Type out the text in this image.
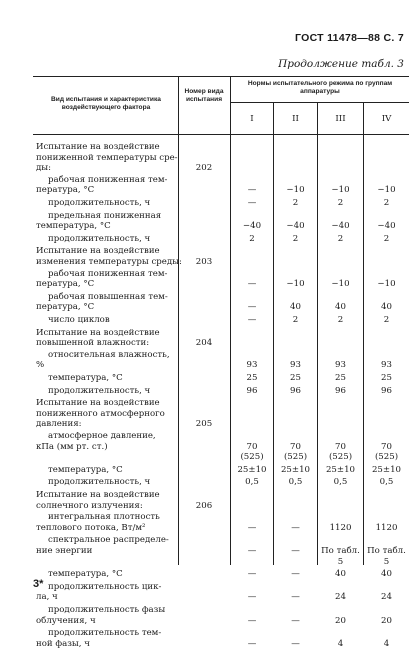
ГОСТ 11478—88 С. 7
Продолжение табл. 3
Вид испытания и характеристика воздействующего фактора
Номер вида испытания
Нормы испытательного режима по группам аппаратуры
I	II	III	IV
Испытание на воздействие
пониженной температуры сре-
ды:	202
рабочая пониженная тем-
пература, °С	—	−10	−10	−10
продолжительность, ч	—	2	2	2
предельная пониженная
температура, °С	−40	−40	−40	−40
продолжительность, ч	2	2	2	2
Испытание на воздействие
изменения температуры среды:	203
рабочая пониженная тем-
пература, °С	—	−10	−10	−10
рабочая повышенная тем-
пература, °С	—	40	40	40
число циклов	—	2	2	2
Испытание на воздействие
повышенной влажности:	204
относительная влажность,
%	93	93	93	93
температура, °С	25	25	25	25
продолжительность, ч	96	96	96	96
Испытание на воздействие
пониженного атмосферного
давления:	205
атмосферное давление,
кПа (мм рт. ст.)	70	70	70	70
(525)	(525)	(525)	(525)
температура, °С	25±10	25±10	25±10	25±10
продолжительность, ч	0,5	0,5	0,5	0,5
Испытание на воздействие
солнечного излучения:	206
интегральная плотность
теплового потока, Вт/м²	—	—	1120	1120
спектральное распределе-
ние энергии	—	—	По табл. По табл.
5	5
температура, °С	—	—	40	40
продолжительность цик-
ла, ч	—	—	24	24
продолжительность фазы
облучения, ч	—	—	20	20
продолжительность тем-
ной фазы, ч	—	—	4	4
3*
